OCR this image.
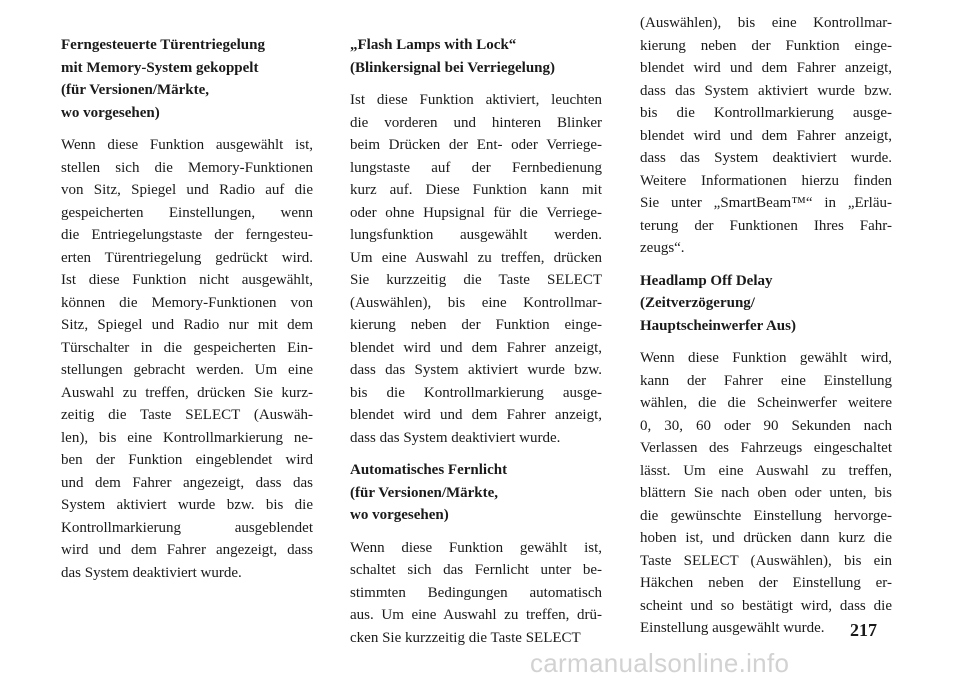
Ferngesteuerte Türentriegelung
mit Memory-System gekoppelt
(für Versionen/Märkte,
wo vorgesehen)
Wenn diese Funktion ausgewählt ist,
stellen sich die Memory-Funktionen
von Sitz, Spiegel und Radio auf die
gespeicherten Einstellungen, wenn
die Entriegelungstaste der ferngesteu-
erten Türentriegelung gedrückt wird.
Ist diese Funktion nicht ausgewählt,
können die Memory-Funktionen von
Sitz, Spiegel und Radio nur mit dem
Türschalter in die gespeicherten Ein-
stellungen gebracht werden. Um eine
Auswahl zu treffen, drücken Sie kurz-
zeitig die Taste SELECT (Auswäh-
len), bis eine Kontrollmarkierung ne-
ben der Funktion eingeblendet wird
und dem Fahrer angezeigt, dass das
System aktiviert wurde bzw. bis die
Kontrollmarkierung ausgeblendet
wird und dem Fahrer angezeigt, dass
das System deaktiviert wurde.
„Flash Lamps with Lock“
(Blinkersignal bei Verriegelung)
Ist diese Funktion aktiviert, leuchten
die vorderen und hinteren Blinker
beim Drücken der Ent- oder Verriege-
lungstaste auf der Fernbedienung
kurz auf. Diese Funktion kann mit
oder ohne Hupsignal für die Verriege-
lungsfunktion ausgewählt werden.
Um eine Auswahl zu treffen, drücken
Sie kurzzeitig die Taste SELECT
(Auswählen), bis eine Kontrollmar-
kierung neben der Funktion einge-
blendet wird und dem Fahrer anzeigt,
dass das System aktiviert wurde bzw.
bis die Kontrollmarkierung ausge-
blendet wird und dem Fahrer anzeigt,
dass das System deaktiviert wurde.
Automatisches Fernlicht
(für Versionen/Märkte,
wo vorgesehen)
Wenn diese Funktion gewählt ist,
schaltet sich das Fernlicht unter be-
stimmten Bedingungen automatisch
aus. Um eine Auswahl zu treffen, drü-
cken Sie kurzzeitig die Taste SELECT
(Auswählen), bis eine Kontrollmar-
kierung neben der Funktion einge-
blendet wird und dem Fahrer anzeigt,
dass das System aktiviert wurde bzw.
bis die Kontrollmarkierung ausge-
blendet wird und dem Fahrer anzeigt,
dass das System deaktiviert wurde.
Weitere Informationen hierzu finden
Sie unter „SmartBeam™“ in „Erläu-
terung der Funktionen Ihres Fahr-
zeugs“.
Headlamp Off Delay
(Zeitverzögerung/
Hauptscheinwerfer Aus)
Wenn diese Funktion gewählt wird,
kann der Fahrer eine Einstellung
wählen, die die Scheinwerfer weitere
0, 30, 60 oder 90 Sekunden nach
Verlassen des Fahrzeugs eingeschaltet
lässt. Um eine Auswahl zu treffen,
blättern Sie nach oben oder unten, bis
die gewünschte Einstellung hervorge-
hoben ist, und drücken dann kurz die
Taste SELECT (Auswählen), bis ein
Häkchen neben der Einstellung er-
scheint und so bestätigt wird, dass die
Einstellung ausgewählt wurde.	217
carmanualsonline.info
